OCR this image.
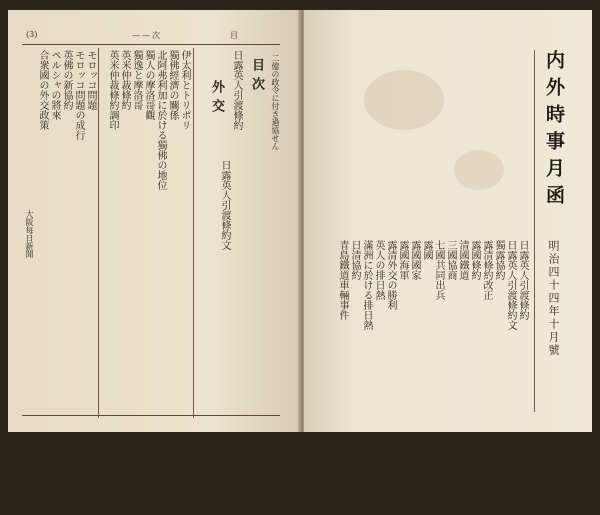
(3)	——次	目
目次
外交	二億の政令に付き過協せん
日露英人引渡條約
日露英人引渡條約文
伊太利とトリポリ
獨佛經濟の關係
北阿弗利加に於ける獨佛の地位
獨人の摩洛哥觀
獨逸と摩洛哥
英米仲裁條約
英米仲裁條約調印
モロッコ問題
モロッコ問題の成行
英佛の新協約
ペルシャの將來
合衆國の外交政策
大阪每日新聞
内外時事月函
明治四十四年十月號
日露英人引渡條約
日露英人引渡條約文
獨露協約
露清條約改正
露國條約
清國鐵道
三國協商
七國共同出兵
露國
露國國家
露國海軍
露清外交の勝利
英人の排日熱
滿洲に於ける排日熱
日清協約
青島鐵道車輛事件
